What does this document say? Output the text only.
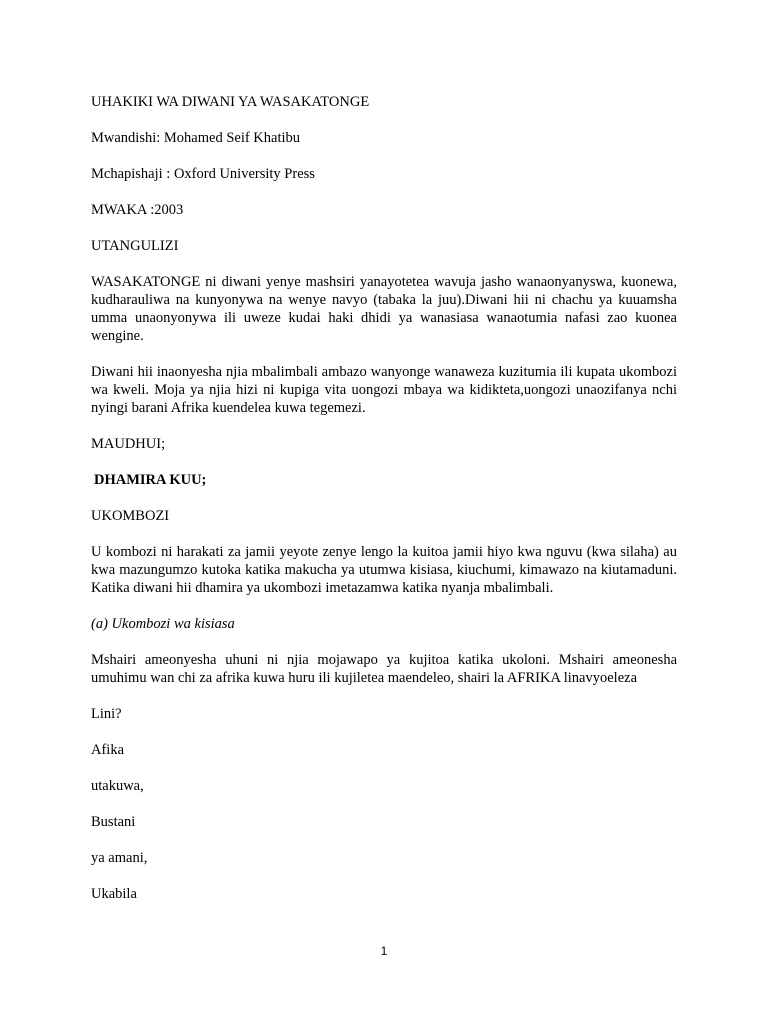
UHAKIKI WA DIWANI YA WASAKATONGE

Mwandishi: Mohamed Seif Khatibu

Mchapishaji : Oxford University Press

MWAKA :2003

UTANGULIZI

WASAKATONGE ni diwani yenye mashsiri yanayotetea wavuja jasho wanaonyanyswa, kuonewa, kudharauliwa na kunyonywa na wenye navyo (tabaka la juu).Diwani hii ni chachu ya kuuamsha umma unaonyonywa ili uweze kudai haki dhidi ya wanasiasa wanaotumia nafasi zao kuonea wengine.

Diwani hii inaonyesha njia mbalimbali ambazo wanyonge wanaweza kuzitumia ili kupata ukombozi wa kweli. Moja ya njia hizi ni kupiga vita uongozi mbaya wa kidikteta,uongozi unaozifanya nchi nyingi barani Afrika kuendelea kuwa tegemezi.

MAUDHUI;

DHAMIRA KUU;

UKOMBOZI

U kombozi ni harakati za jamii yeyote zenye lengo la kuitoa jamii hiyo kwa nguvu (kwa silaha) au kwa mazungumzo kutoka katika makucha ya utumwa kisiasa, kiuchumi, kimawazo na kiutamaduni. Katika diwani hii dhamira ya ukombozi imetazamwa katika nyanja mbalimbali.

(a) Ukombozi wa kisiasa

Mshairi ameonyesha uhuni ni njia mojawapo ya kujitoa katika ukoloni. Mshairi ameonesha umuhimu wan chi za afrika kuwa huru ili kujiletea maendeleo, shairi la AFRIKA linavyoeleza

Lini?

Afika

utakuwa,

Bustani

ya amani,

Ukabila

1
